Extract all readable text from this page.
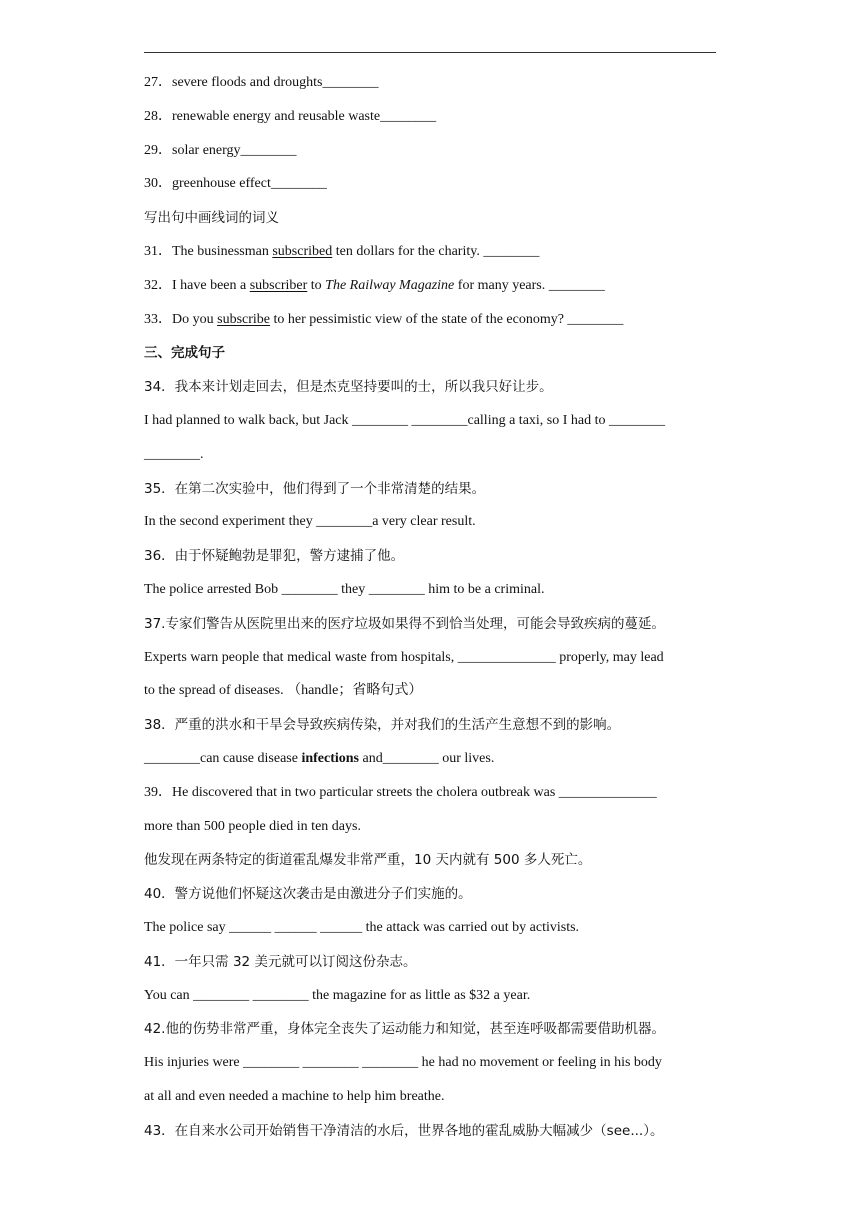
27．severe floods and droughts________
28．renewable energy and reusable waste________
29．solar energy________
30．greenhouse effect________
写出句中画线词的词义
31．The businessman subscribed ten dollars for the charity. ________
32．I have been a subscriber to The Railway Magazine for many years. ________
33．Do you subscribe to her pessimistic view of the state of the economy? ________
三、完成句子
34．我本来计划走回去，但是杰克坚持要叫的士，所以我只好让步。
I had planned to walk back, but Jack ________ ________calling a taxi, so I had to ________
________.
35．在第二次实验中，他们得到了一个非常清楚的结果。
In the second experiment they ________a very clear result.
36．由于怀疑鲍勃是罪犯，警方逮捕了他。
The police arrested Bob ________ they ________ him to be a criminal.
37.专家们警告从医院里出来的医疗垃圾如果得不到恰当处理，可能会导致疾病的蔓延。
Experts warn people that medical waste from hospitals, ______________ properly, may lead
to the spread of diseases. （handle；省略句式）
38．严重的洪水和干旱会导致疾病传染，并对我们的生活产生意想不到的影响。
________can cause disease infections and________ our lives.
39．He discovered that in two particular streets the cholera outbreak was ______________
more than 500 people died in ten days.
他发现在两条特定的街道霍乱爆发非常严重，10 天内就有 500 多人死亡。
40．警方说他们怀疑这次袭击是由激进分子们实施的。
The police say ______ ______ ______ the attack was carried out by activists.
41．一年只需 32 美元就可以订阅这份杂志。
You can ________ ________ the magazine for as little as $32 a year.
42.他的伤势非常严重，身体完全丧失了运动能力和知觉，甚至连呼吸都需要借助机器。
His injuries were ________ ________ ________ he had no movement or feeling in his body
at all and even needed a machine to help him breathe.
43．在自来水公司开始销售干净清洁的水后，世界各地的霍乱威胁大幅减少（see...）。
